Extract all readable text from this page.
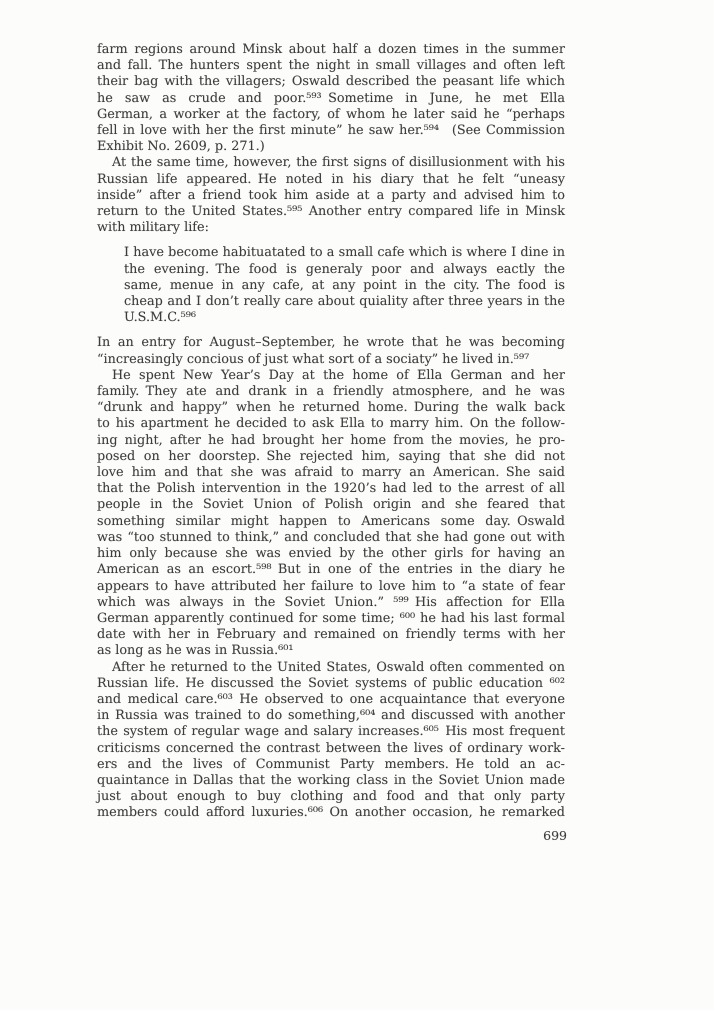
farm regions around Minsk about half a dozen times in the summer
and fall. The hunters spent the night in small villages and often left
their bag with the villagers; Oswald described the peasant life which
he saw as crude and poor.⁵⁹³ Sometime in June, he met Ella
German, a worker at the factory, of whom he later said he “perhaps
fell in love with her the first minute” he saw her.⁵⁹⁴  (See Commission
Exhibit No. 2609, p. 271.)
At the same time, however, the first signs of disillusionment with his
Russian life appeared. He noted in his diary that he felt “uneasy
inside” after a friend took him aside at a party and advised him to
return to the United States.⁵⁹⁵ Another entry compared life in Minsk
with military life:
I have become habituatated to a small cafe which is where I dine in
the evening. The food is generaly poor and always eactly the
same, menue in any cafe, at any point in the city. The food is
cheap and I don’t really care about quiality after three years in the
U.S.M.C.⁵⁹⁶
In an entry for August–September, he wrote that he was becoming
“increasingly concious of just what sort of a sociaty” he lived in.⁵⁹⁷
He spent New Year’s Day at the home of Ella German and her
family. They ate and drank in a friendly atmosphere, and he was
“drunk and happy” when he returned home. During the walk back
to his apartment he decided to ask Ella to marry him. On the follow-
ing night, after he had brought her home from the movies, he pro-
posed on her doorstep. She rejected him, saying that she did not
love him and that she was afraid to marry an American. She said
that the Polish intervention in the 1920’s had led to the arrest of all
people in the Soviet Union of Polish origin and she feared that
something similar might happen to Americans some day. Oswald
was “too stunned to think,” and concluded that she had gone out with
him only because she was envied by the other girls for having an
American as an escort.⁵⁹⁸ But in one of the entries in the diary he
appears to have attributed her failure to love him to “a state of fear
which was always in the Soviet Union.” ⁵⁹⁹ His affection for Ella
German apparently continued for some time; ⁶⁰⁰ he had his last formal
date with her in February and remained on friendly terms with her
as long as he was in Russia.⁶⁰¹
After he returned to the United States, Oswald often commented on
Russian life. He discussed the Soviet systems of public education ⁶⁰²
and medical care.⁶⁰³ He observed to one acquaintance that everyone
in Russia was trained to do something,⁶⁰⁴ and discussed with another
the system of regular wage and salary increases.⁶⁰⁵ His most frequent
criticisms concerned the contrast between the lives of ordinary work-
ers and the lives of Communist Party members. He told an ac-
quaintance in Dallas that the working class in the Soviet Union made
just about enough to buy clothing and food and that only party
members could afford luxuries.⁶⁰⁶ On another occasion, he remarked
699
